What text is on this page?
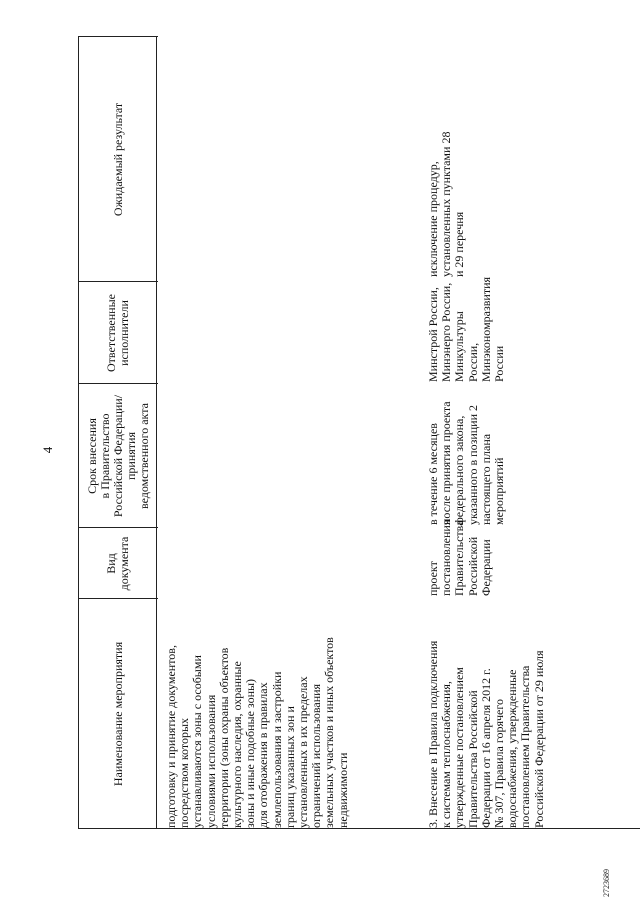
4
Наименование мероприятия
Вид
документа
Срок внесения
в Правительство
Российской Федерации/
принятия
ведомственного акта
Ответственные
исполнители
Ожидаемый результат
подготовку и принятие документов,
посредством которых
устанавливаются зоны с особыми
условиями использования
территории (зоны охраны объектов
культурного наследия, охранные
зоны и иные подобные зоны)
для отображения в правилах
землепользования и застройки
границ указанных зон и
установленных в их пределах
ограничений использования
земельных участков и иных объектов
недвижимости
исключение процедур,
установленных пунктами 28
и 29 перечня
3. Внесение в Правила подключения
к системам теплоснабжения,
утвержденные постановлением
Правительства Российской
Федерации от 16 апреля 2012 г.
№ 307, Правила горячего
водоснабжения, утвержденные
постановлением Правительства
Российской Федерации от 29 июля
проект
постановления
Правительства
Российской
Федерации
в течение 6 месяцев
после принятия проекта
федерального закона,
указанного в позиции 2
настоящего плана
мероприятий
Минстрой России,
Минэнерго России,
Минкультуры России,
Минэкономразвития
России
2723689
